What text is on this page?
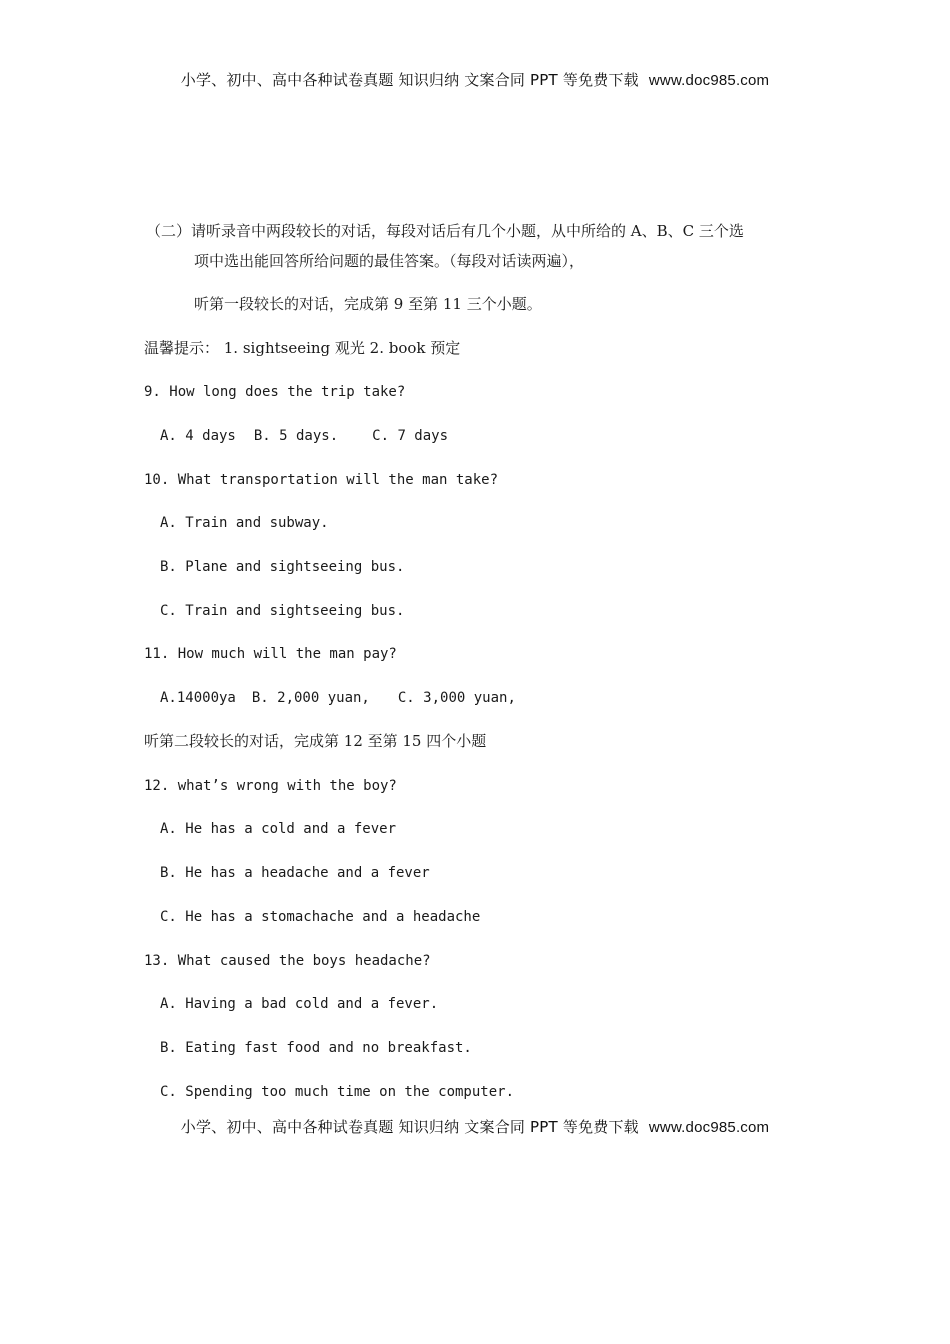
小学、初中、高中各种试卷真题 知识归纳 文案合同 PPT 等免费下载 www.doc985.com
（二）请听录音中两段较长的对话，每段对话后有几个小题，从中所给的 A、B、C 三个选
项中选出能回答所给问题的最佳答案。（每段对话读两遍），
听第一段较长的对话，完成第 9 至第 11 三个小题。
温馨提示： 1. sightseeing 观光 2. book 预定
9. How long does the trip take?
A. 4 days B. 5 days. C. 7 days
10. What transportation will the man take?
A. Train and subway.
B. Plane and sightseeing bus.
C. Train and sightseeing bus.
11. How much will the man pay?
A.14000ya B. 2,000 yuan, C. 3,000 yuan,
听第二段较长的对话，完成第 12 至第 15 四个小题
12. what’s wrong with the boy?
A. He has a cold and a fever
B. He has a headache and a fever
C. He has a stomachache and a headache
13. What caused the boys headache?
A. Having a bad cold and a fever.
B. Eating fast food and no breakfast.
C. Spending too much time on the computer.
小学、初中、高中各种试卷真题 知识归纳 文案合同 PPT 等免费下载 www.doc985.com
